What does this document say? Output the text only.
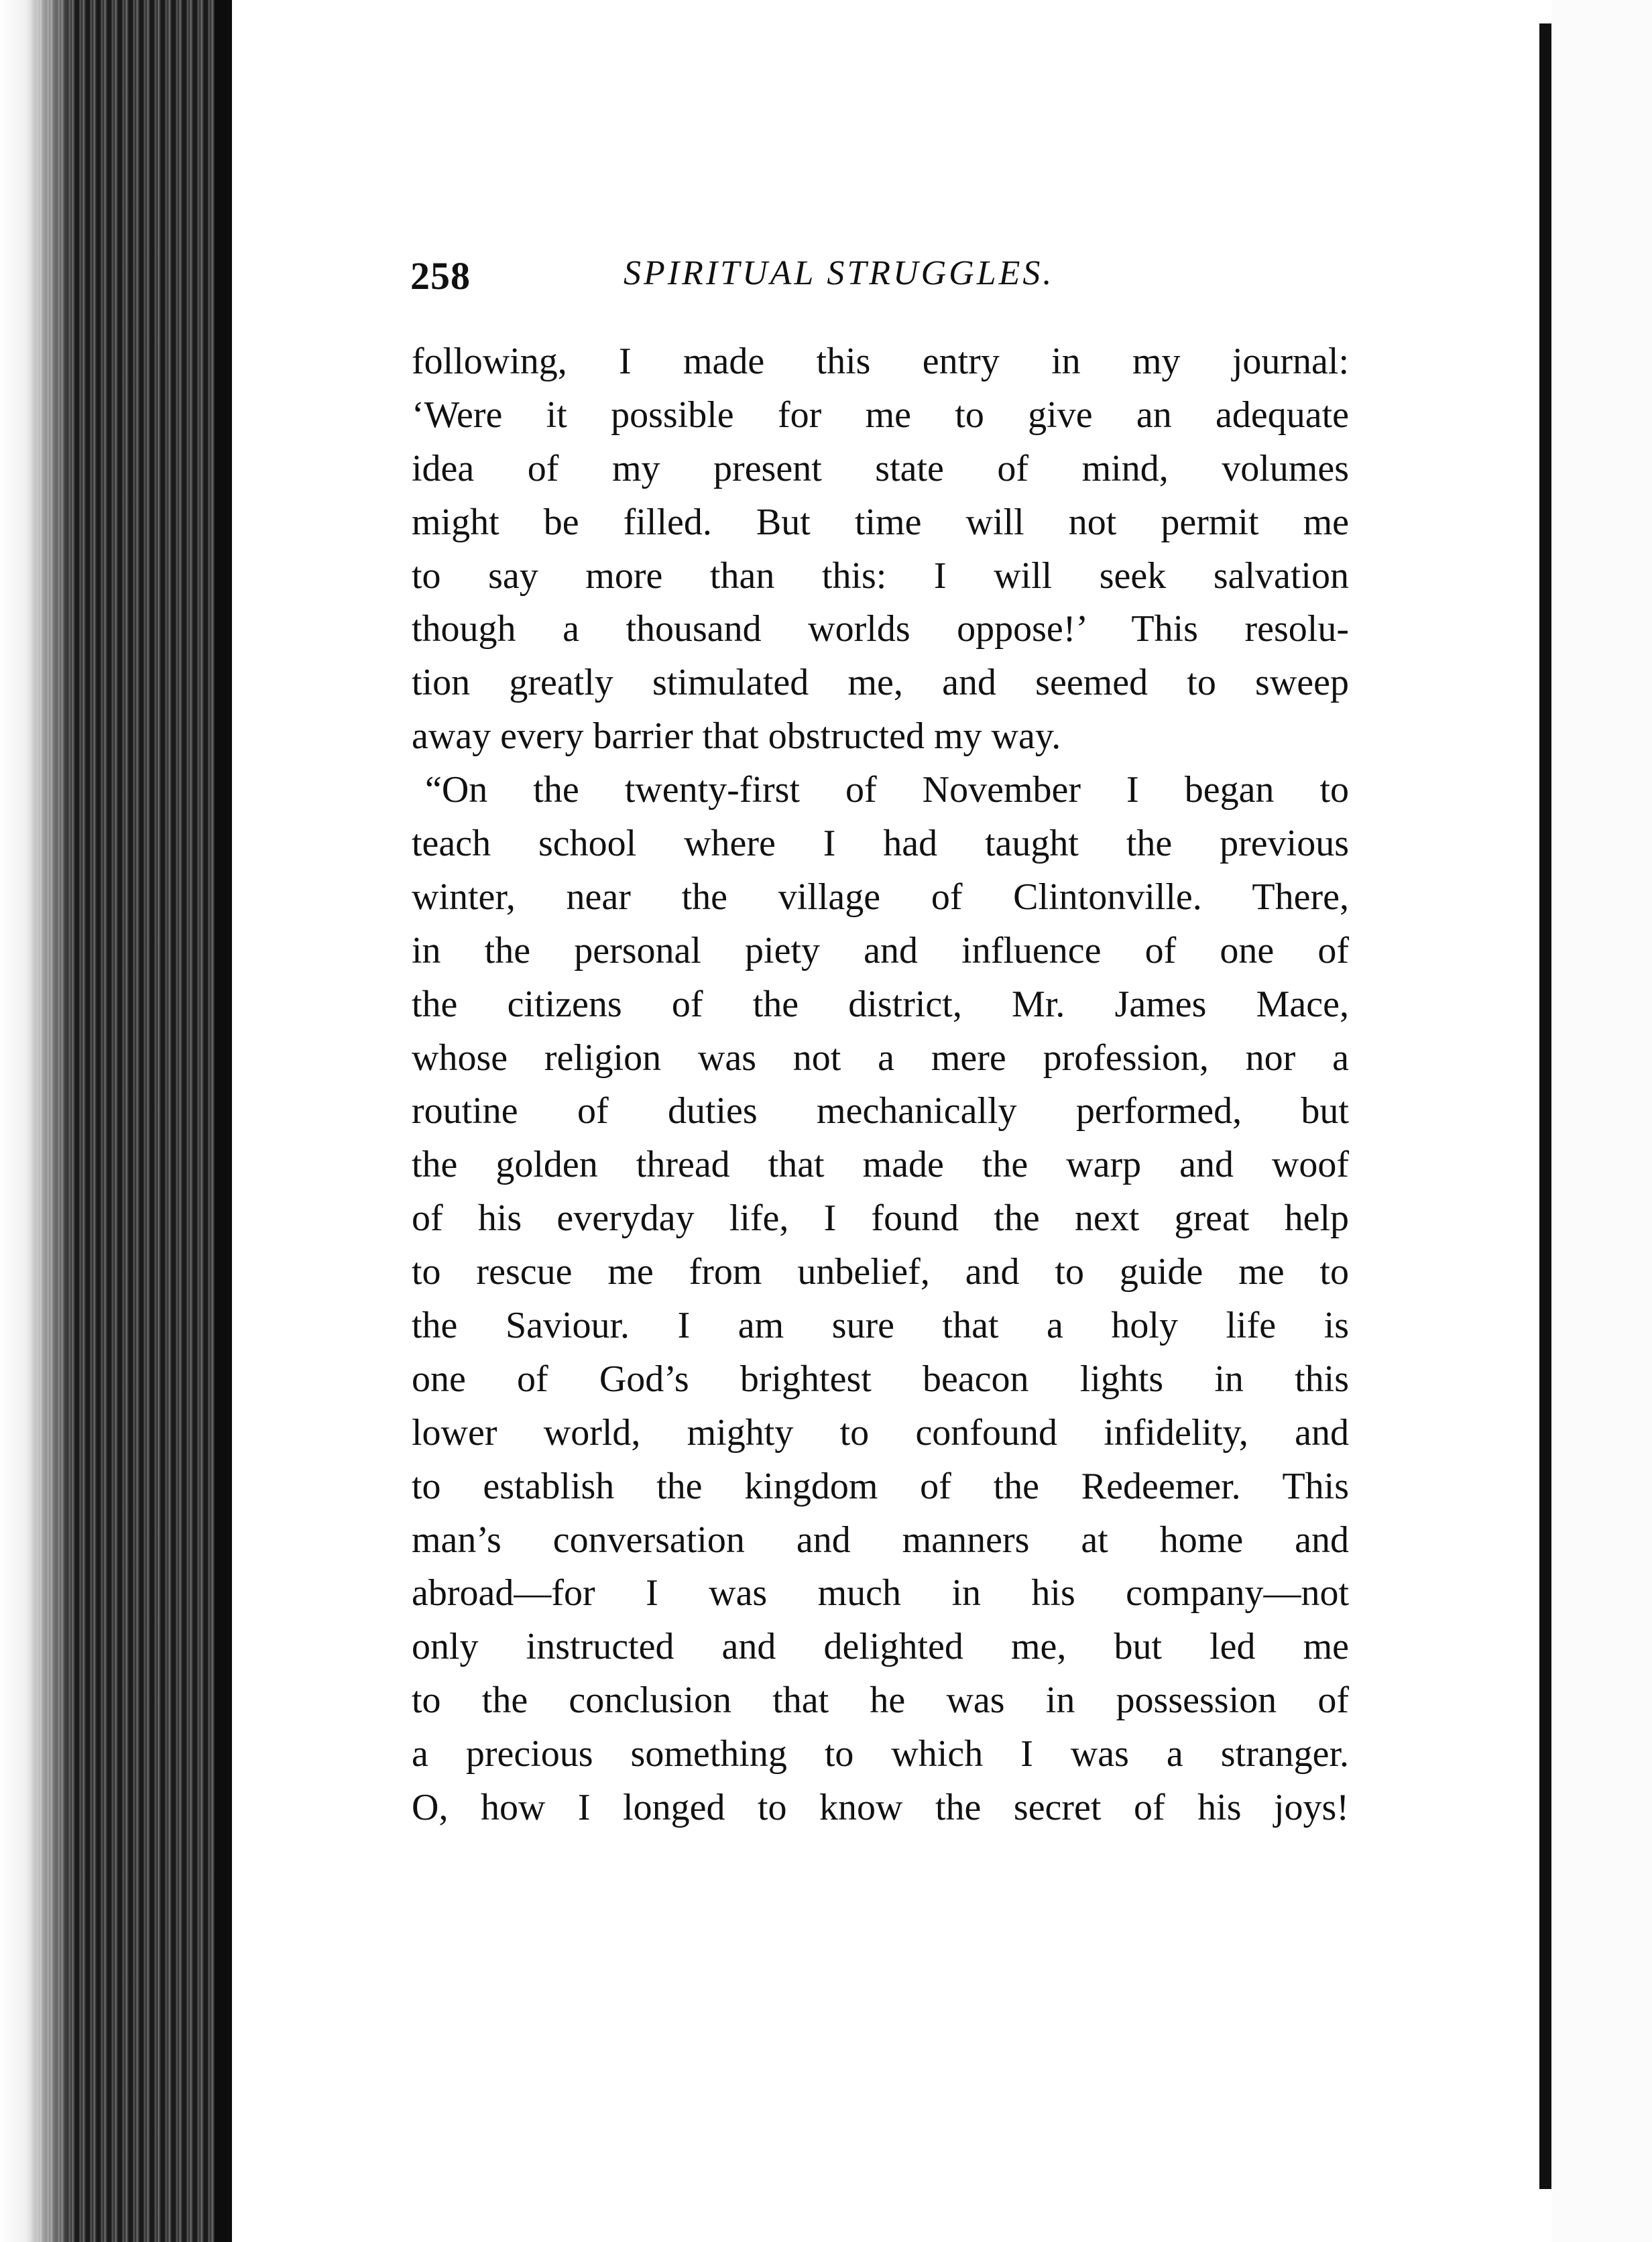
258	SPIRITUAL STRUGGLES.
following, I made this entry in my journal:
‘Were it possible for me to give an adequate
idea of my present state of mind, volumes
might be filled. But time will not permit me
to say more than this: I will seek salvation
though a thousand worlds oppose!’ This resolu-
tion greatly stimulated me, and seemed to sweep
away every barrier that obstructed my way.
“On the twenty-first of November I began to
teach school where I had taught the previous
winter, near the village of Clintonville. There,
in the personal piety and influence of one of
the citizens of the district, Mr. James Mace,
whose religion was not a mere profession, nor a
routine of duties mechanically performed, but
the golden thread that made the warp and woof
of his everyday life, I found the next great help
to rescue me from unbelief, and to guide me to
the Saviour. I am sure that a holy life is
one of God’s brightest beacon lights in this
lower world, mighty to confound infidelity, and
to establish the kingdom of the Redeemer. This
man’s conversation and manners at home and
abroad—for I was much in his company—not
only instructed and delighted me, but led me
to the conclusion that he was in possession of
a precious something to which I was a stranger.
O, how I longed to know the secret of his joys!
